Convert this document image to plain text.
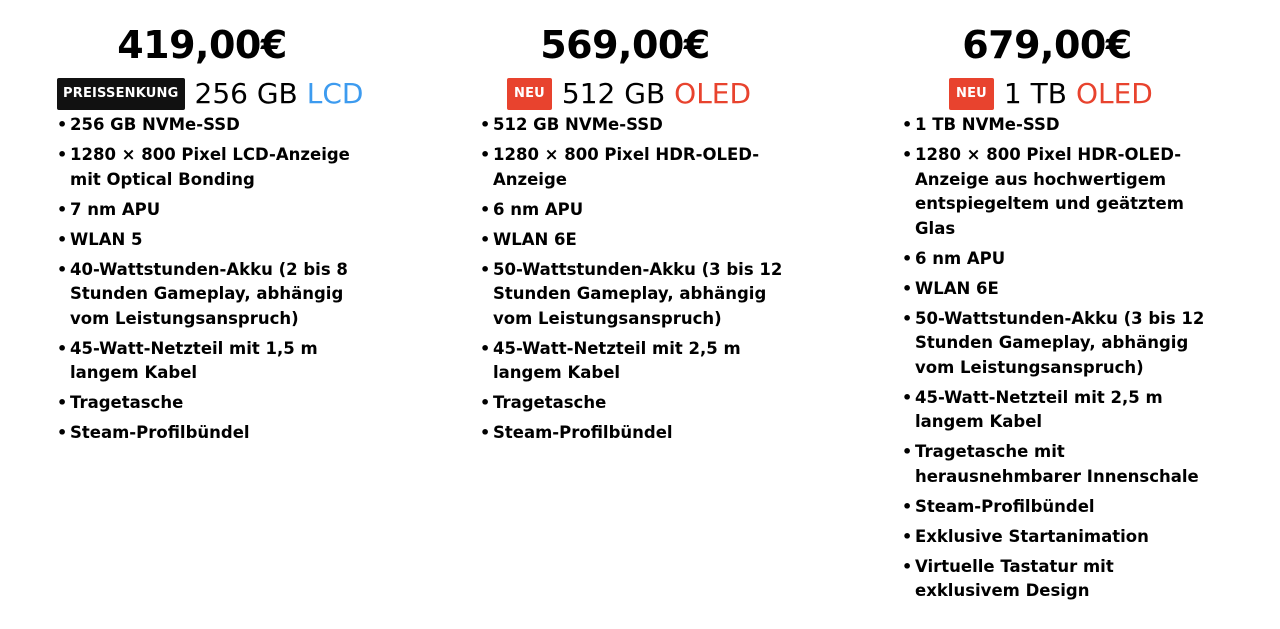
419,00€
PREISSENKUNG 256 GB LCD
• 256 GB NVMe-SSD
• 1280 × 800 Pixel LCD-Anzeige mit Optical Bonding
• 7 nm APU
• WLAN 5
• 40-Wattstunden-Akku (2 bis 8 Stunden Gameplay, abhängig vom Leistungsanspruch)
• 45-Watt-Netzteil mit 1,5 m langem Kabel
• Tragetasche
• Steam-Profilbündel
569,00€
NEU 512 GB OLED
• 512 GB NVMe-SSD
• 1280 × 800 Pixel HDR-OLED-Anzeige
• 6 nm APU
• WLAN 6E
• 50-Wattstunden-Akku (3 bis 12 Stunden Gameplay, abhängig vom Leistungsanspruch)
• 45-Watt-Netzteil mit 2,5 m langem Kabel
• Tragetasche
• Steam-Profilbündel
679,00€
NEU 1 TB OLED
• 1 TB NVMe-SSD
• 1280 × 800 Pixel HDR-OLED-Anzeige aus hochwertigem entspiegeltem und geätztem Glas
• 6 nm APU
• WLAN 6E
• 50-Wattstunden-Akku (3 bis 12 Stunden Gameplay, abhängig vom Leistungsanspruch)
• 45-Watt-Netzteil mit 2,5 m langem Kabel
• Tragetasche mit herausnehmbarer Innenschale
• Steam-Profilbündel
• Exklusive Startanimation
• Virtuelle Tastatur mit exklusivem Design
